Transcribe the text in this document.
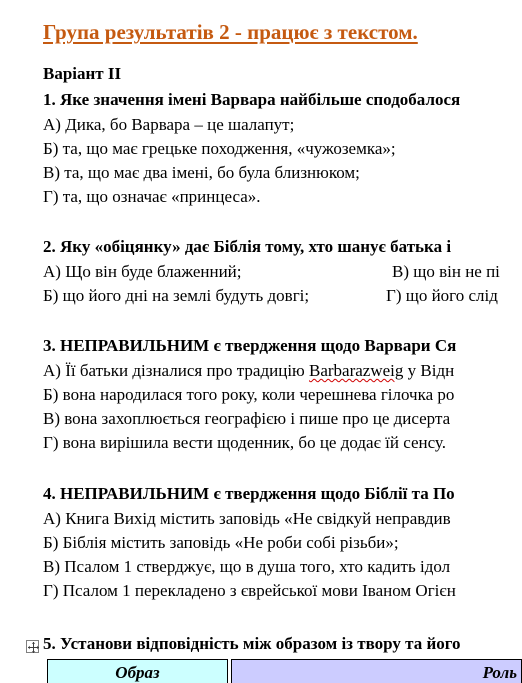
Група результатів 2 - працює з текстом.
Варіант ІІ
1. Яке значення імені Варвара найбільше сподобалося
А) Дика, бо Варвара – це шалапут;
Б) та, що має грецьке походження, «чужоземка»;
В) та, що має два імені, бо була близнюком;
Г) та, що означає «принцеса».
2. Яку «обіцянку» дає Біблія тому, хто шанує батька і
А) Що він буде блаженний;	В) що він не пі
Б) що його дні на землі будуть довгі;	Г) що його слід
3. НЕПРАВИЛЬНИМ є твердження щодо Варвари Ся
А) Її батьки дізналися про традицію Barbarazweig у Відн
Б) вона народилася того року, коли черешнева гілочка ро
В) вона захоплюється географією і пише про це дисерта
Г) вона вирішила вести щоденник, бо це додає їй сенсу.
4. НЕПРАВИЛЬНИМ є твердження щодо Біблії та По
А) Книга Вихід містить заповідь «Не свідкуй неправдив
Б) Біблія містить заповідь «Не роби собі різьби»;
В) Псалом 1 стверджує, що в душа того, хто кадить ідол
Г) Псалом 1 перекладено з єврейської мови Іваном Огієн
5. Установи відповідність між образом із твору та його
Образ		Роль
